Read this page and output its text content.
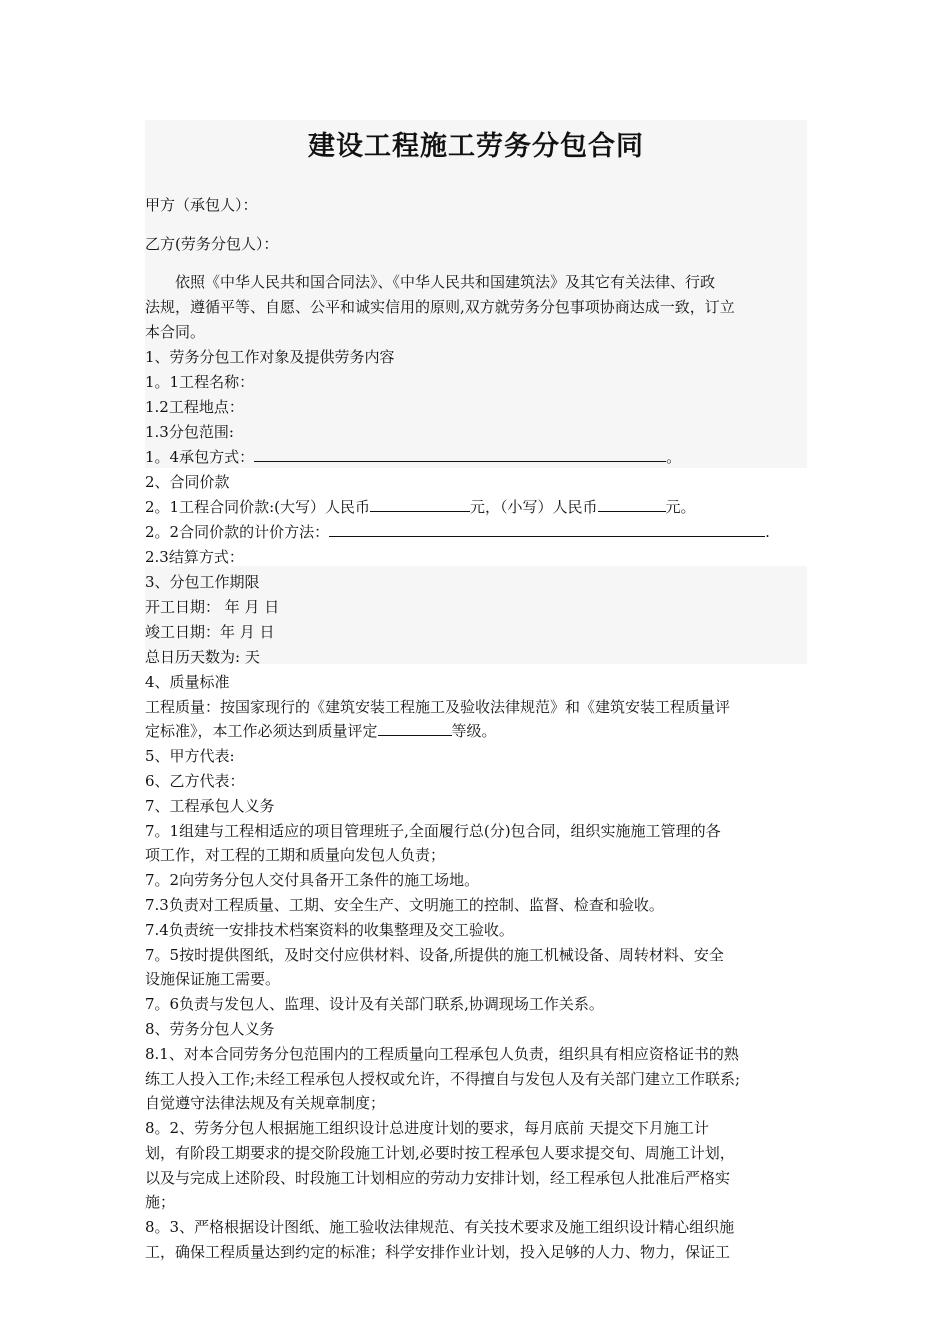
建设工程施工劳务分包合同
甲方（承包人）：
乙方(劳务分包人）：
依照《中华人民共和国合同法》、《中华人民共和国建筑法》及其它有关法律、行政
法规，遵循平等、自愿、公平和诚实信用的原则,双方就劳务分包事项协商达成一致，订立
本合同。
1、劳务分包工作对象及提供劳务内容
1。1工程名称：
1.2工程地点：
1.3分包范围:
1。4承包方式：	。
2、合同价款
2。1工程合同价款:(大写）人民币	元，（小写）人民币	元。
2。2合同价款的计价方法：	.
2.3结算方式：
3、分包工作期限
开工日期： 年 月 日
竣工日期：年 月 日
总日历天数为: 天
4、质量标准
工程质量：按国家现行的《建筑安装工程施工及验收法律规范》和《建筑安装工程质量评
定标准》，本工作必须达到质量评定	等级。
5、甲方代表:
6、乙方代表：
7、工程承包人义务
7。1组建与工程相适应的项目管理班子,全面履行总(分)包合同，组织实施施工管理的各
项工作，对工程的工期和质量向发包人负责；
7。2向劳务分包人交付具备开工条件的施工场地。
7.3负责对工程质量、工期、安全生产、文明施工的控制、监督、检查和验收。
7.4负责统一安排技术档案资料的收集整理及交工验收。
7。5按时提供图纸，及时交付应供材料、设备,所提供的施工机械设备、周转材料、安全
设施保证施工需要。
7。6负责与发包人、监理、设计及有关部门联系,协调现场工作关系。
8、劳务分包人义务
8.1、对本合同劳务分包范围内的工程质量向工程承包人负责，组织具有相应资格证书的熟
练工人投入工作;未经工程承包人授权或允许，不得擅自与发包人及有关部门建立工作联系;
自觉遵守法律法规及有关规章制度；
8。2、劳务分包人根据施工组织设计总进度计划的要求，每月底前 天提交下月施工计
划，有阶段工期要求的提交阶段施工计划,必要时按工程承包人要求提交旬、周施工计划，
以及与完成上述阶段、时段施工计划相应的劳动力安排计划，经工程承包人批准后严格实
施；
8。3、严格根据设计图纸、施工验收法律规范、有关技术要求及施工组织设计精心组织施
工，确保工程质量达到约定的标准；科学安排作业计划，投入足够的人力、物力，保证工
